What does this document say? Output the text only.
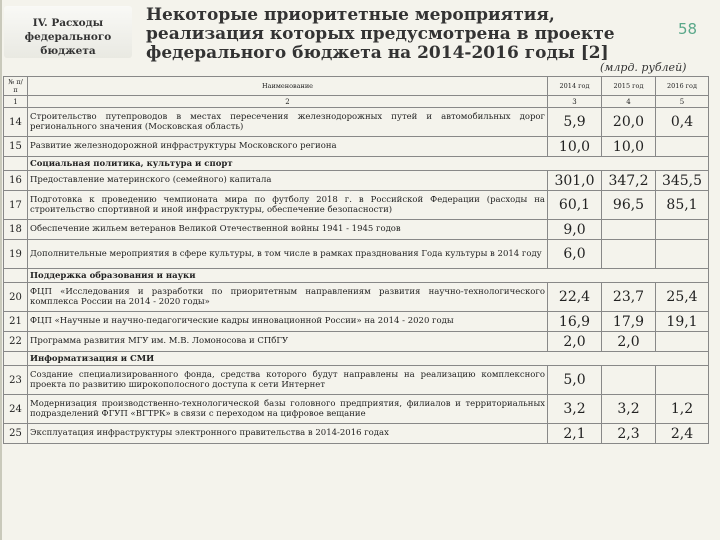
IV. Расходы федерального бюджета
Некоторые приоритетные мероприятия, реализация которых предусмотрена в проекте федерального бюджета на 2014-2016 годы [2]
58
(млрд. рублей)
№ п/п	Наименование	2014 год	2015 год	2016 год
1	2	3	4	5
14	Строительство путепроводов в местах пересечения железнодорожных путей и автомобильных дорог регионального значения (Московская область)	5,9	20,0	0,4
15	Развитие железнодорожной инфраструктуры Московского региона	10,0	10,0	
	Социальная политика, культура и спорт			
16	Предоставление материнского (семейного) капитала	301,0	347,2	345,5
17	Подготовка к проведению чемпионата мира по футболу 2018 г. в Российской Федерации (расходы на строительство спортивной и иной инфраструктуры, обеспечение безопасности)	60,1	96,5	85,1
18	Обеспечение жильем ветеранов Великой Отечественной войны 1941 - 1945 годов	9,0		
19	Дополнительные мероприятия в сфере культуры, в том числе в рамках празднования Года культуры в 2014 году	6,0		
	Поддержка образования и науки			
20	ФЦП «Исследования и разработки по приоритетным направлениям развития научно-технологического комплекса России на 2014 - 2020 годы»	22,4	23,7	25,4
21	ФЦП «Научные и научно-педагогические кадры инновационной России» на 2014 - 2020 годы	16,9	17,9	19,1
22	Программа развития МГУ им. М.В. Ломоносова и СПбГУ	2,0	2,0	
	Информатизация и СМИ			
23	Создание специализированного фонда, средства которого будут направлены на реализацию комплексного проекта по развитию широкополосного доступа к сети Интернет	5,0		
24	Модернизация производственно-технологической базы головного предприятия, филиалов и территориальных подразделений ФГУП «ВГТРК» в связи с переходом на цифровое вещание	3,2	3,2	1,2
25	Эксплуатация инфраструктуры электронного правительства в 2014-2016 годах	2,1	2,3	2,4
